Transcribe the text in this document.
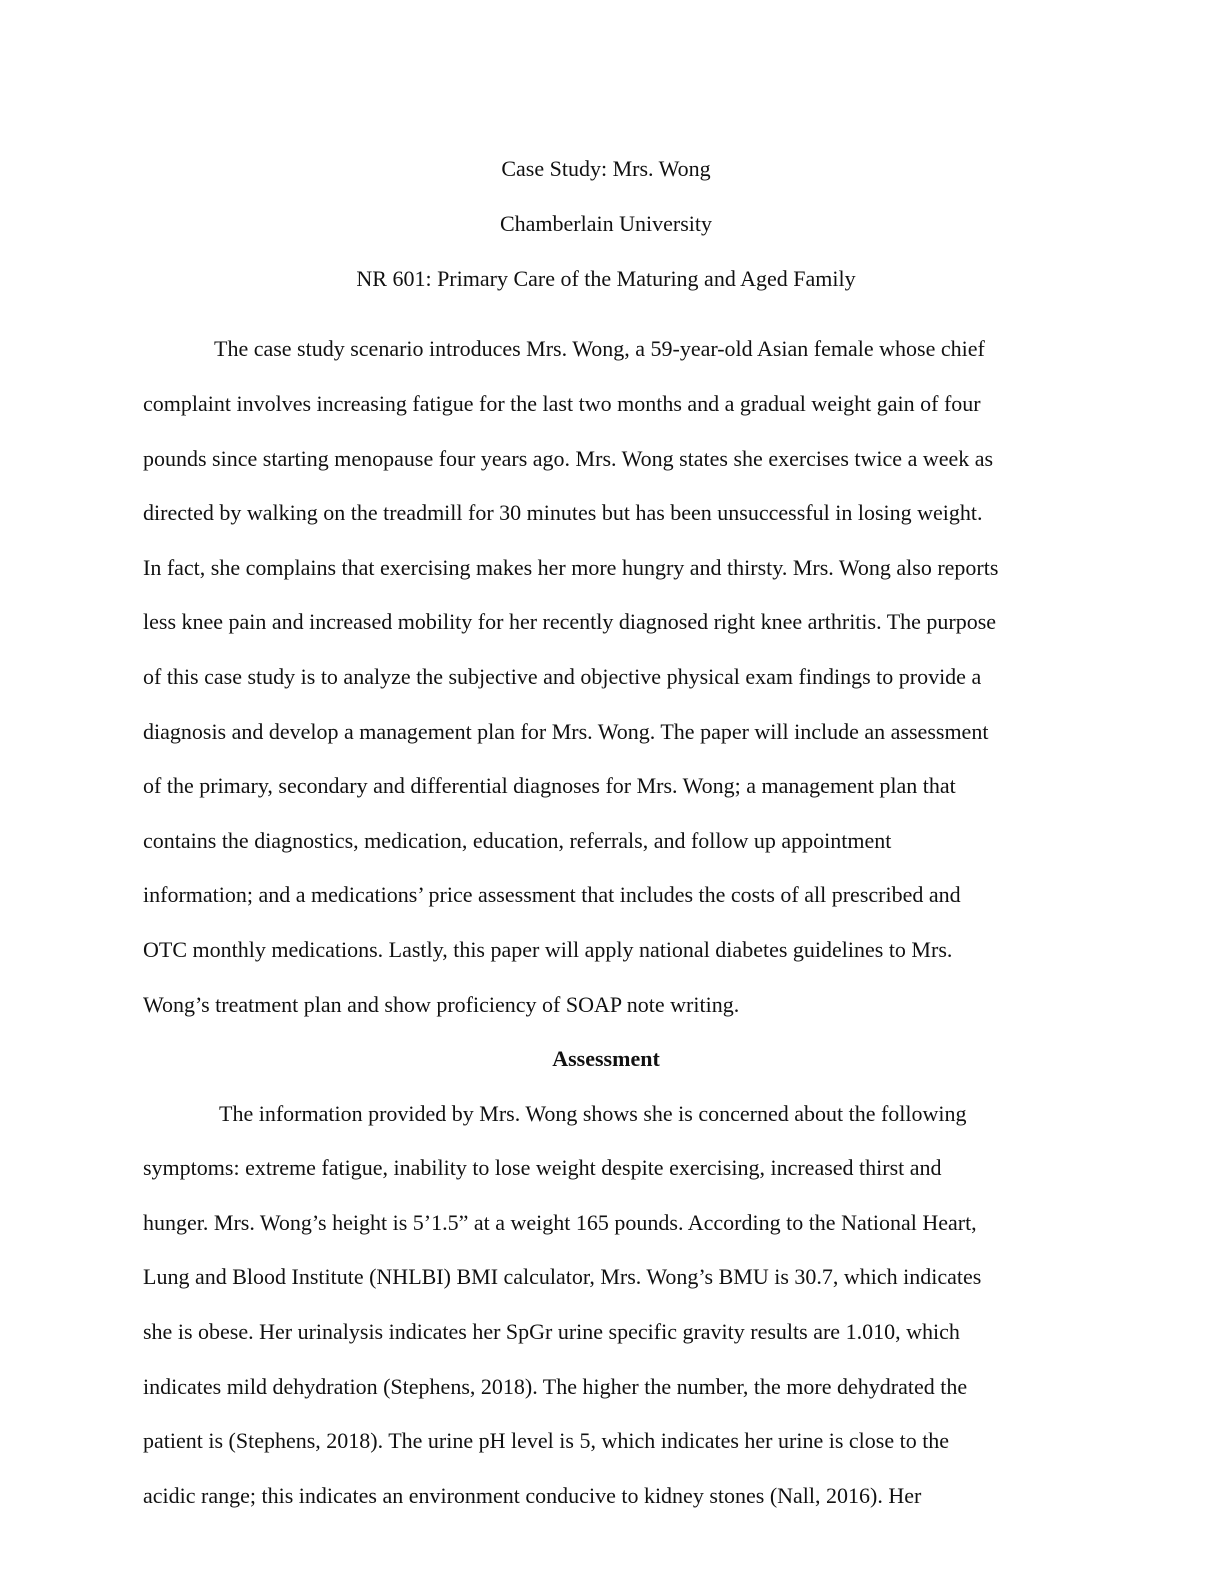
Case Study: Mrs. Wong
Chamberlain University
NR 601: Primary Care of the Maturing and Aged Family
The case study scenario introduces Mrs. Wong, a 59-year-old Asian female whose chief
complaint involves increasing fatigue for the last two months and a gradual weight gain of four
pounds since starting menopause four years ago. Mrs. Wong states she exercises twice a week as
directed by walking on the treadmill for 30 minutes but has been unsuccessful in losing weight.
In fact, she complains that exercising makes her more hungry and thirsty. Mrs. Wong also reports
less knee pain and increased mobility for her recently diagnosed right knee arthritis. The purpose
of this case study is to analyze the subjective and objective physical exam findings to provide a
diagnosis and develop a management plan for Mrs. Wong. The paper will include an assessment
of the primary, secondary and differential diagnoses for Mrs. Wong; a management plan that
contains the diagnostics, medication, education, referrals, and follow up appointment
information; and a medications’ price assessment that includes the costs of all prescribed and
OTC monthly medications. Lastly, this paper will apply national diabetes guidelines to Mrs.
Wong’s treatment plan and show proficiency of SOAP note writing.
Assessment
The information provided by Mrs. Wong shows she is concerned about the following
symptoms: extreme fatigue, inability to lose weight despite exercising, increased thirst and
hunger. Mrs. Wong’s height is 5’1.5” at a weight 165 pounds. According to the National Heart,
Lung and Blood Institute (NHLBI) BMI calculator, Mrs. Wong’s BMU is 30.7, which indicates
she is obese. Her urinalysis indicates her SpGr urine specific gravity results are 1.010, which
indicates mild dehydration (Stephens, 2018). The higher the number, the more dehydrated the
patient is (Stephens, 2018). The urine pH level is 5, which indicates her urine is close to the
acidic range; this indicates an environment conducive to kidney stones (Nall, 2016). Her
